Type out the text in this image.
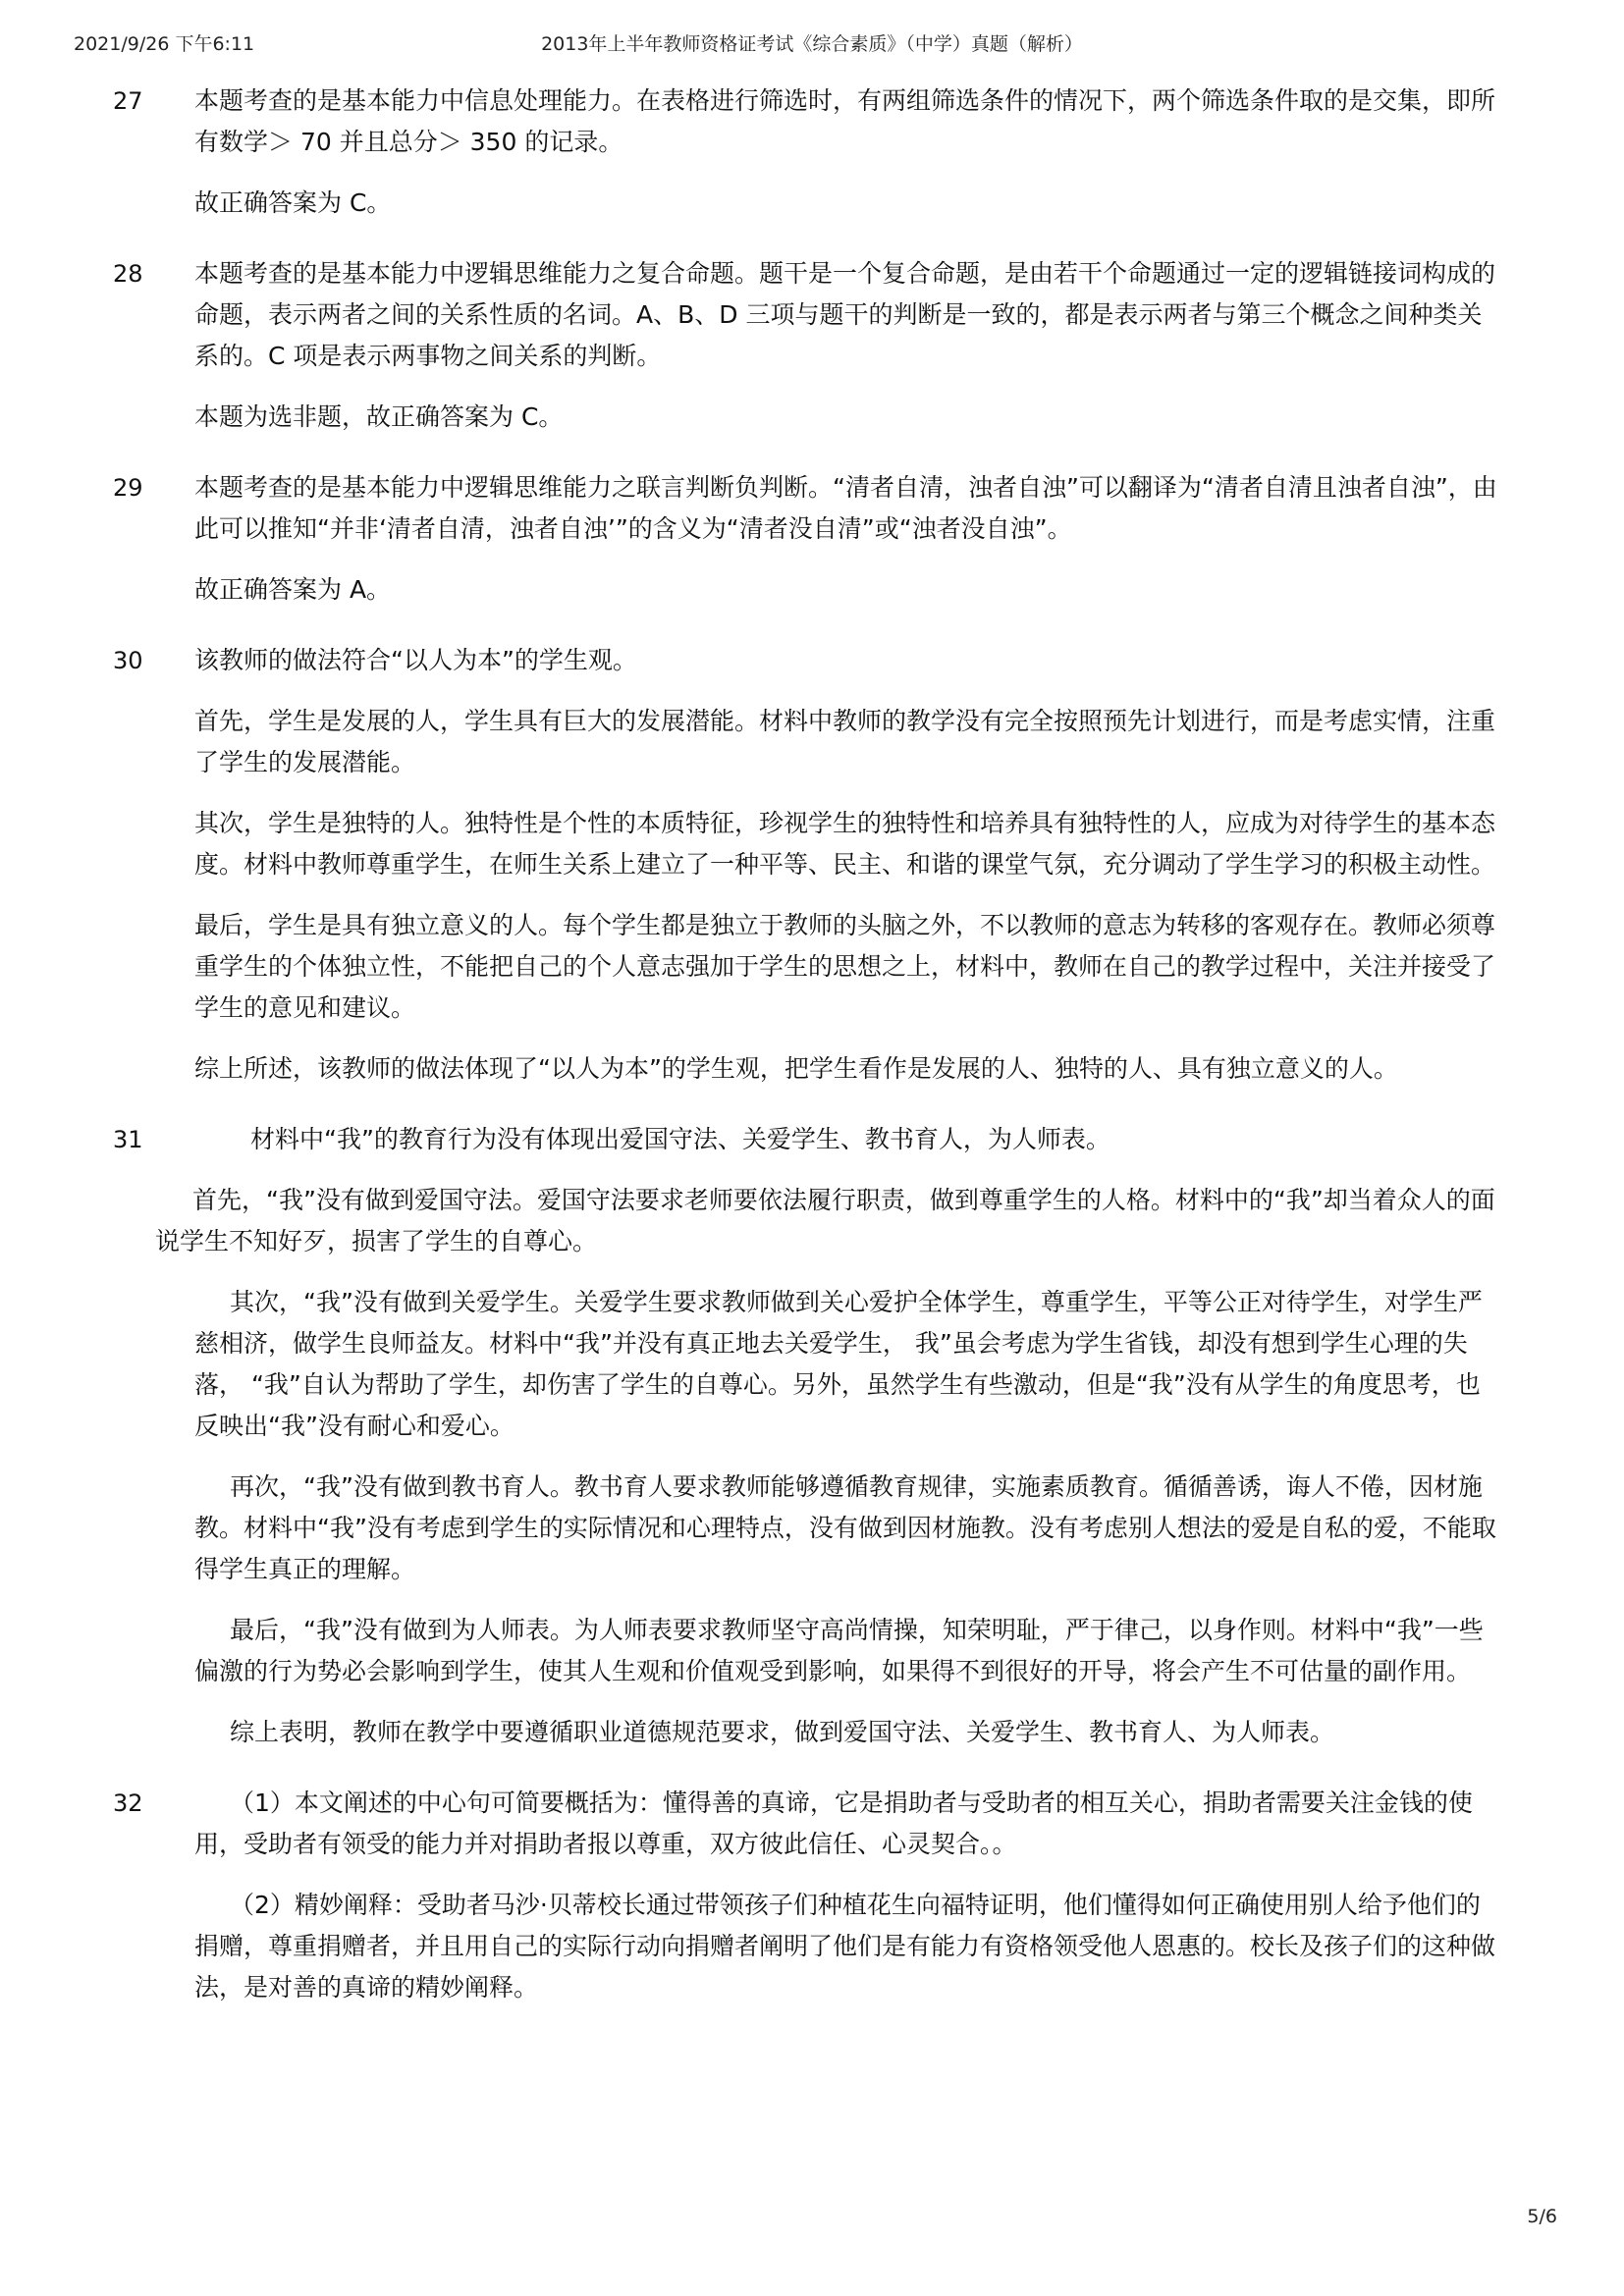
2021/9/26 下午6:11	2013年上半年教师资格证考试《综合素质》（中学）真题（解析）
27 本题考查的是基本能力中信息处理能力。在表格进行筛选时，有两组筛选条件的情况下，两个筛选条件取的是交集，即所有数学＞ 70 并且总分＞ 350 的记录。

故正确答案为 C。

28 本题考查的是基本能力中逻辑思维能力之复合命题。题干是一个复合命题，是由若干个命题通过一定的逻辑链接词构成的命题，表示两者之间的关系性质的名词。A、B、D 三项与题干的判断是一致的，都是表示两者与第三个概念之间种类关系的。C 项是表示两事物之间关系的判断。

本题为选非题，故正确答案为 C。

29 本题考查的是基本能力中逻辑思维能力之联言判断负判断。“清者自清，浊者自浊”可以翻译为“清者自清且浊者自浊”，由此可以推知“并非‘清者自清，浊者自浊’”的含义为“清者没自清”或“浊者没自浊”。

故正确答案为 A。

30 该教师的做法符合“以人为本”的学生观。

首先，学生是发展的人，学生具有巨大的发展潜能。材料中教师的教学没有完全按照预先计划进行，而是考虑实情，注重了学生的发展潜能。

其次，学生是独特的人。独特性是个性的本质特征，珍视学生的独特性和培养具有独特性的人，应成为对待学生的基本态度。材料中教师尊重学生，在师生关系上建立了一种平等、民主、和谐的课堂气氛，充分调动了学生学习的积极主动性。

最后，学生是具有独立意义的人。每个学生都是独立于教师的头脑之外，不以教师的意志为转移的客观存在。教师必须尊重学生的个体独立性，不能把自己的个人意志强加于学生的思想之上，材料中，教师在自己的教学过程中，关注并接受了学生的意见和建议。

综上所述，该教师的做法体现了“以人为本”的学生观，把学生看作是发展的人、独特的人、具有独立意义的人。

31	材料中“我”的教育行为没有体现出爱国守法、关爱学生、教书育人，为人师表。

首先，“我”没有做到爱国守法。爱国守法要求老师要依法履行职责，做到尊重学生的人格。材料中的“我”却当着众人的面说学生不知好歹，损害了学生的自尊心。

其次，“我”没有做到关爱学生。关爱学生要求教师做到关心爱护全体学生，尊重学生，平等公正对待学生，对学生严慈相济，做学生良师益友。材料中“我”并没有真正地去关爱学生， 我”虽会考虑为学生省钱，却没有想到学生心理的失落， “我”自认为帮助了学生，却伤害了学生的自尊心。另外，虽然学生有些激动，但是“我”没有从学生的角度思考，也反映出“我”没有耐心和爱心。

再次，“我”没有做到教书育人。教书育人要求教师能够遵循教育规律，实施素质教育。循循善诱，诲人不倦，因材施教。材料中“我”没有考虑到学生的实际情况和心理特点，没有做到因材施教。没有考虑别人想法的爱是自私的爱，不能取得学生真正的理解。

最后，“我”没有做到为人师表。为人师表要求教师坚守高尚情操，知荣明耻，严于律己，以身作则。材料中“我”一些偏激的行为势必会影响到学生，使其人生观和价值观受到影响，如果得不到很好的开导，将会产生不可估量的副作用。

综上表明，教师在教学中要遵循职业道德规范要求，做到爱国守法、关爱学生、教书育人、为人师表。

32	（1）本文阐述的中心句可简要概括为：懂得善的真谛，它是捐助者与受助者的相互关心，捐助者需要关注金钱的使用，受助者有领受的能力并对捐助者报以尊重，双方彼此信任、心灵契合。。

（2）精妙阐释：受助者马沙·贝蒂校长通过带领孩子们种植花生向福特证明，他们懂得如何正确使用别人给予他们的捐赠，尊重捐赠者，并且用自己的实际行动向捐赠者阐明了他们是有能力有资格领受他人恩惠的。校长及孩子们的这种做法，是对善的真谛的精妙阐释。

5/6
